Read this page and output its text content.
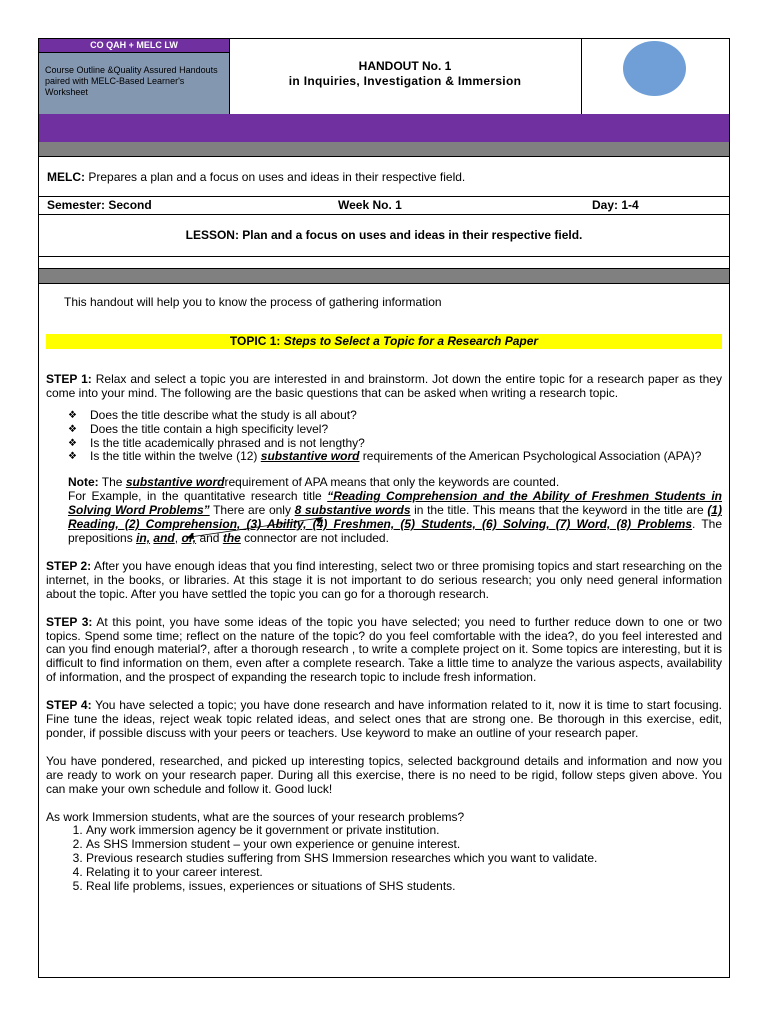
CO QAH + MELC LW
Course Outline &Quality Assured Handouts paired with MELC-Based Learner's Worksheet
HANDOUT No. 1
in Inquiries, Investigation & Immersion
MELC: Prepares a plan and a focus on uses and ideas in their respective field.
Semester: Second	Week No. 1	Day: 1-4
LESSON: Plan and a focus on uses and ideas in their respective field.
This handout will help you to know the process of gathering information
TOPIC 1: Steps to Select a Topic for a Research Paper

STEP 1: Relax and select a topic you are interested in and brainstorm. Jot down the entire topic for a research paper as they come into your mind. The following are the basic questions that can be asked when writing a research topic.

❖ Does the title describe what the study is all about?
❖ Does the title contain a high specificity level?
❖ Is the title academically phrased and is not lengthy?
❖ Is the title within the twelve (12) substantive word requirements of the American Psychological Association (APA)?
Note: The substantive wordrequirement of APA means that only the keywords are counted.
For Example, in the quantitative research title “Reading Comprehension and the Ability of Freshmen Students in Solving Word Problems” There are only 8 substantive words in the title. This means that the keyword in the title are (1) Reading, (2) Comprehension, (3) Ability, (4) Freshmen, (5) Students, (6) Solving, (7) Word, (8) Problems. The prepositions in, and, of, and the connector are not included.

STEP 2: After you have enough ideas that you find interesting, select two or three promising topics and start researching on the internet, in the books, or libraries. At this stage it is not important to do serious research; you only need general information about the topic. After you have settled the topic you can go for a thorough research.

STEP 3: At this point, you have some ideas of the topic you have selected; you need to further reduce down to one or two topics. Spend some time; reflect on the nature of the topic? do you feel comfortable with the idea?, do you feel interested and can you find enough material?, after a thorough research , to write a complete project on it. Some topics are interesting, but it is difficult to find information on them, even after a complete research. Take a little time to analyze the various aspects, availability of information, and the prospect of expanding the research topic to include fresh information.

STEP 4: You have selected a topic; you have done research and have information related to it, now it is time to start focusing. Fine tune the ideas, reject weak topic related ideas, and select ones that are strong one. Be thorough in this exercise, edit, ponder, if possible discuss with your peers or teachers. Use keyword to make an outline of your research paper.

You have pondered, researched, and picked up interesting topics, selected background details and information and now you are ready to work on your research paper. During all this exercise, there is no need to be rigid, follow steps given above. You can make your own schedule and follow it. Good luck!

As work Immersion students, what are the sources of your research problems?

1. Any work immersion agency be it government or private institution.
2. As SHS Immersion student – your own experience or genuine interest.
3. Previous research studies suffering from SHS Immersion researches which you want to validate.
4. Relating it to your career interest.
5. Real life problems, issues, experiences or situations of SHS students.
